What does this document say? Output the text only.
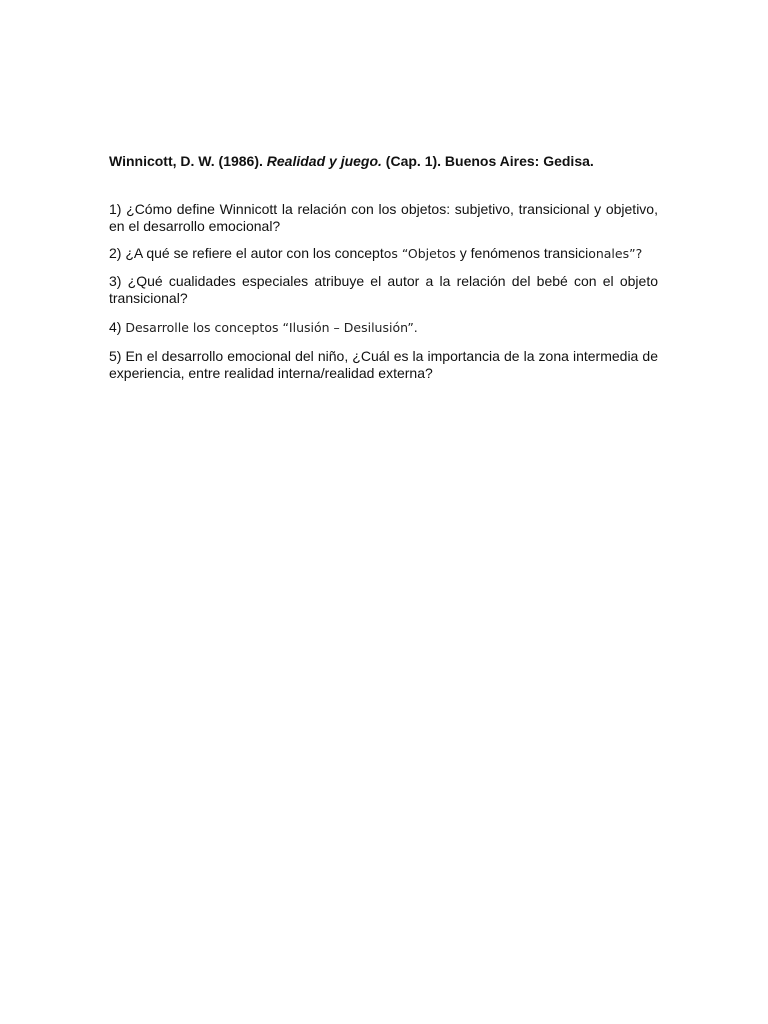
Winnicott, D. W. (1986). Realidad y juego. (Cap. 1). Buenos Aires: Gedisa.

1) ¿Cómo define Winnicott la relación con los objetos: subjetivo, transicional y objetivo, en el desarrollo emocional?

2) ¿A qué se refiere el autor con los conceptos “Objetos y fenómenos transicionales”?

3) ¿Qué cualidades especiales atribuye el autor a la relación del bebé con el objeto transicional?

4) Desarrolle los conceptos “Ilusión – Desilusión”.

5) En el desarrollo emocional del niño, ¿Cuál es la importancia de la zona intermedia de experiencia, entre realidad interna/realidad externa?
